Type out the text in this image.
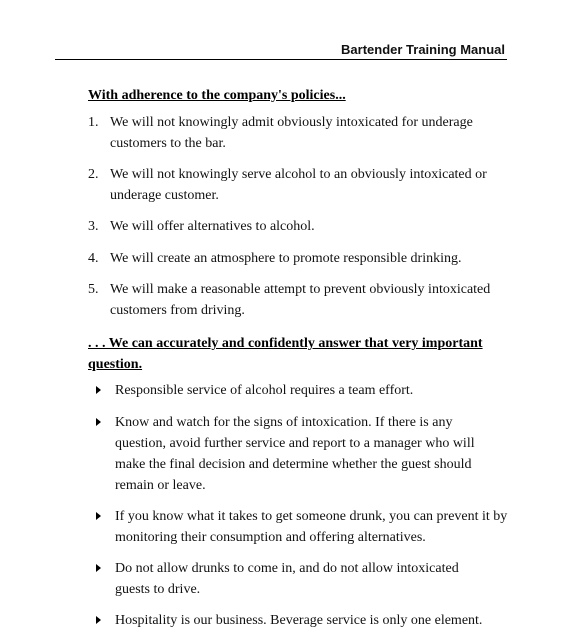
Bartender Training Manual
With adherence to the company's policies...
1. We will not knowingly admit obviously intoxicated for underage customers to the bar.
2. We will not knowingly serve alcohol to an obviously intoxicated or underage customer.
3. We will offer alternatives to alcohol.
4. We will create an atmosphere to promote responsible drinking.
5. We will make a reasonable attempt to prevent obviously intoxicated customers from driving.
. . . We can accurately and confidently answer that very important question.
Responsible service of alcohol requires a team effort.
Know and watch for the signs of intoxication. If there is any question, avoid further service and report to a manager who will make the final decision and determine whether the guest should remain or leave.
If you know what it takes to get someone drunk, you can prevent it by monitoring their consumption and offering alternatives.
Do not allow drunks to come in, and do not allow intoxicated guests to drive.
Hospitality is our business. Beverage service is only one element.
